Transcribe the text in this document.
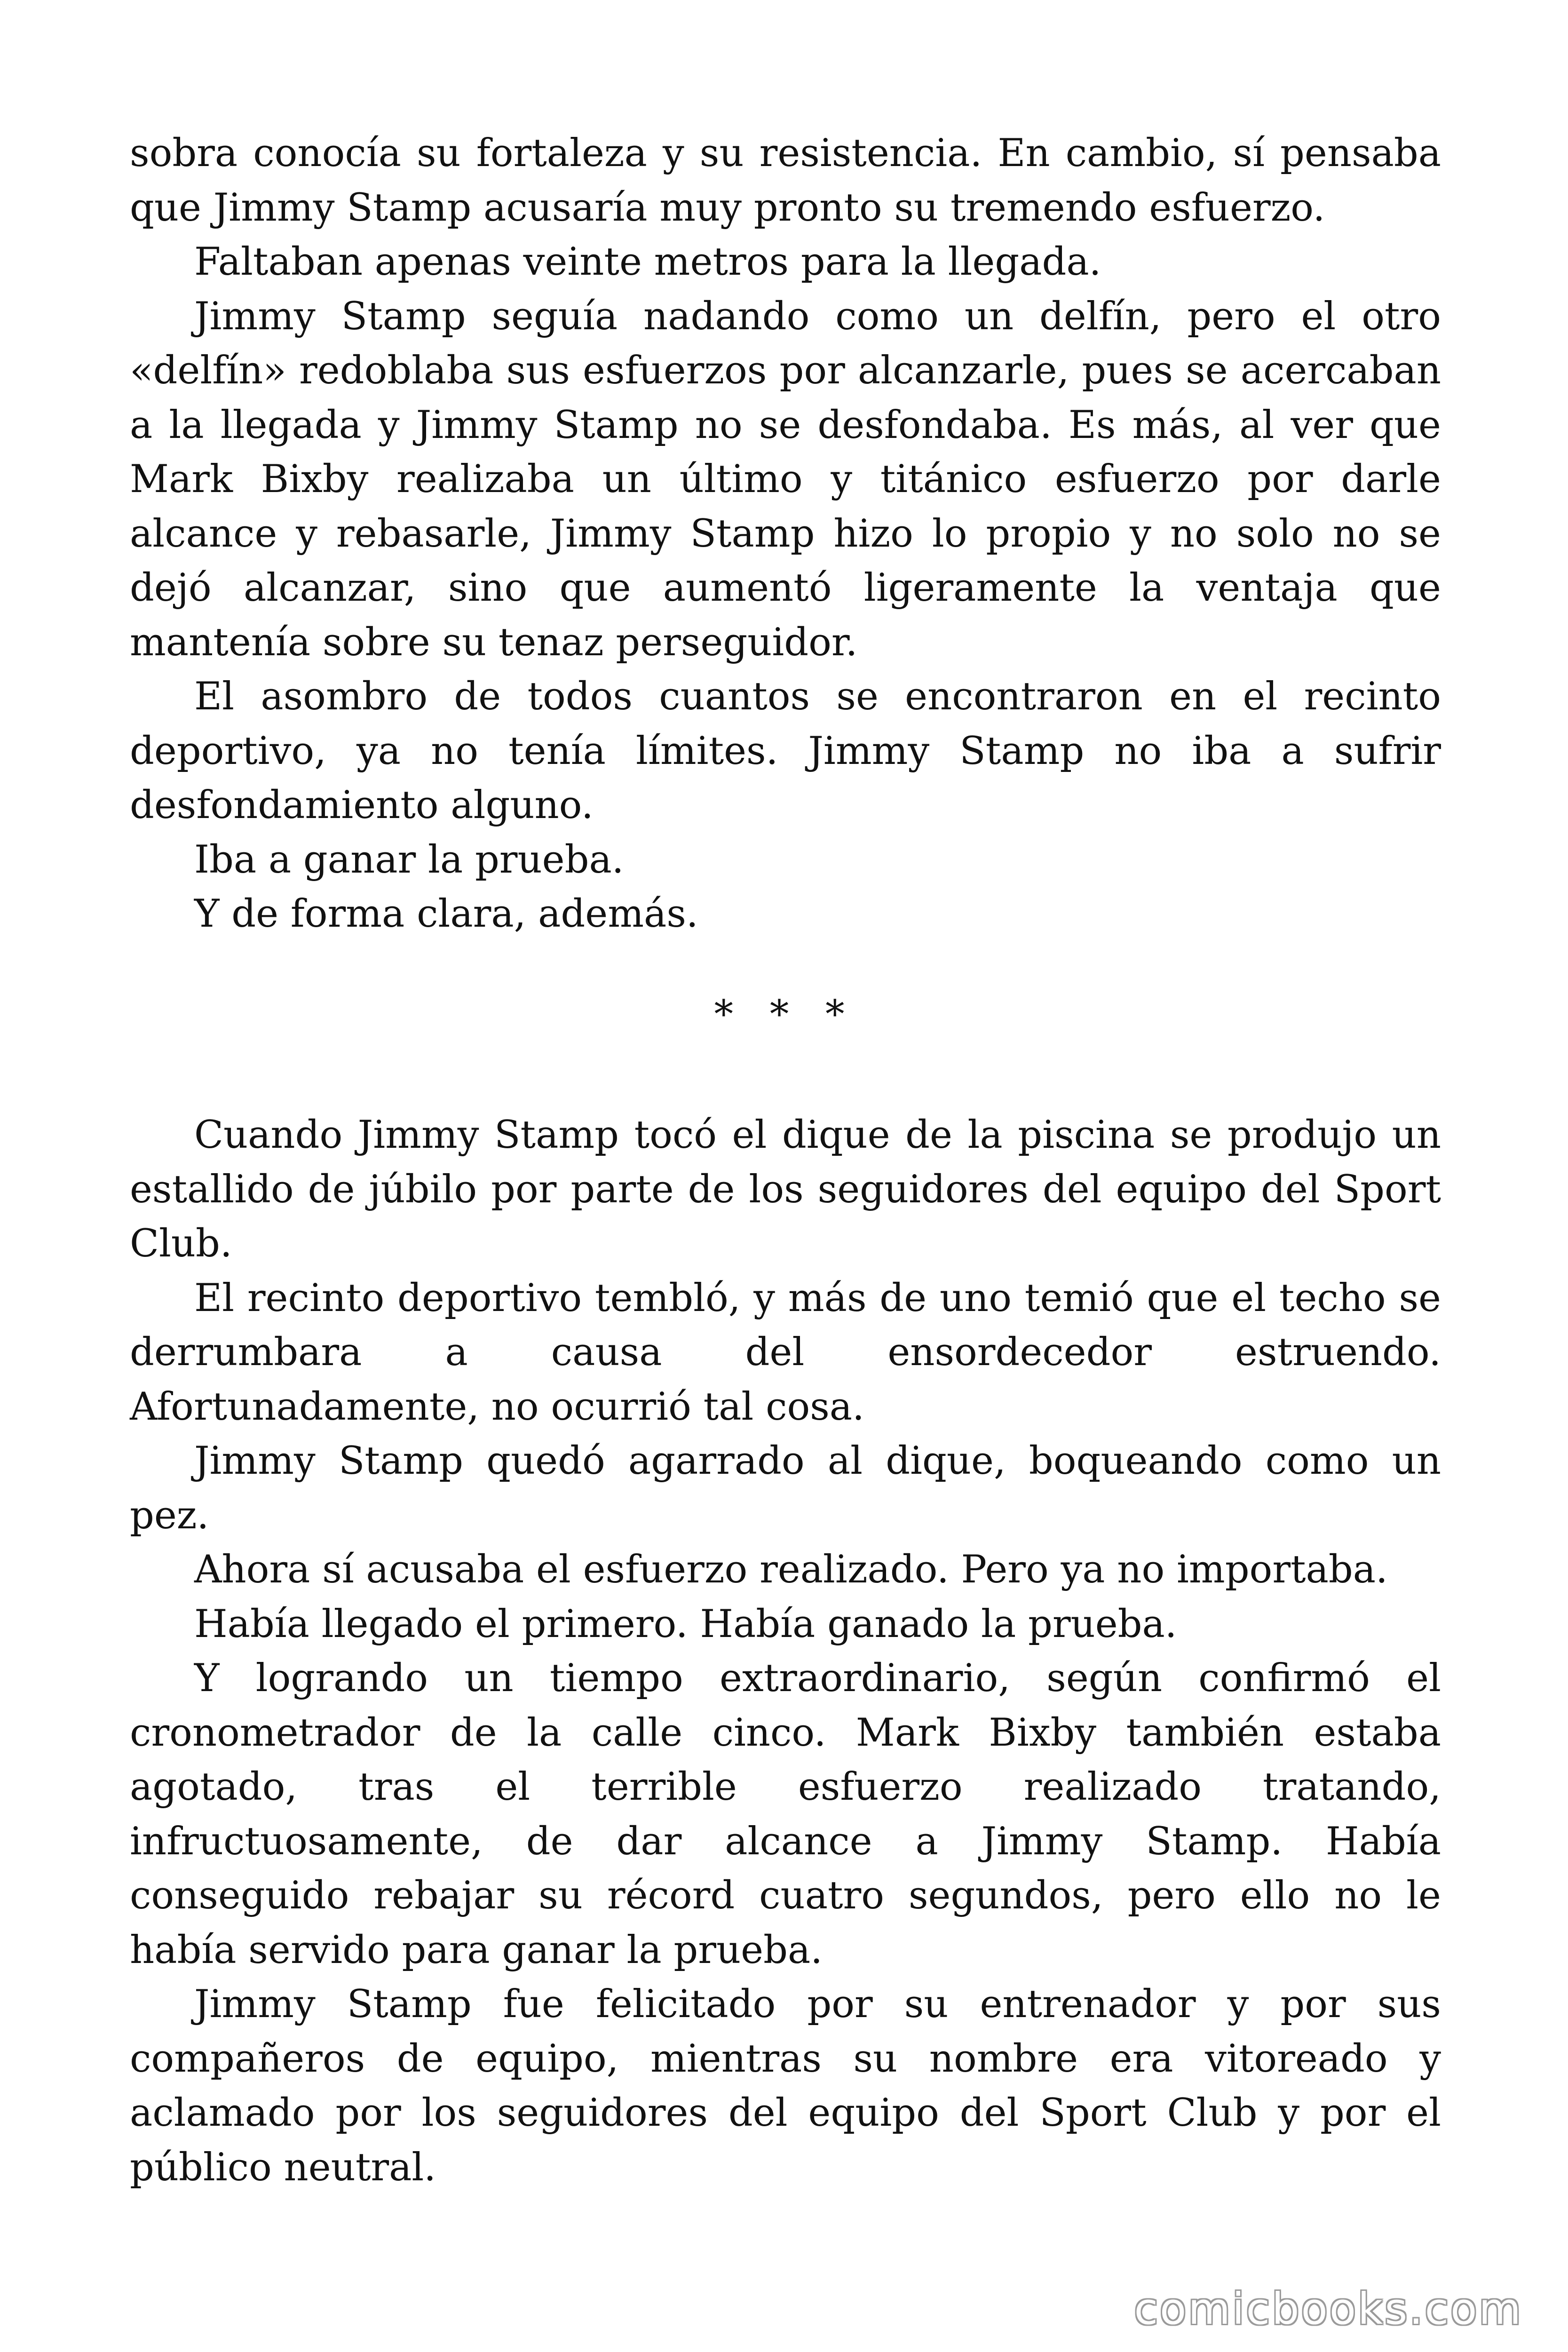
sobra conocía su fortaleza y su resistencia. En cambio, sí pensaba que Jimmy Stamp acusaría muy pronto su tremendo esfuerzo.

Faltaban apenas veinte metros para la llegada.

Jimmy Stamp seguía nadando como un delfín, pero el otro «delfín» redoblaba sus esfuerzos por alcanzarle, pues se acercaban a la llegada y Jimmy Stamp no se desfondaba. Es más, al ver que Mark Bixby realizaba un último y titánico esfuerzo por darle alcance y rebasarle, Jimmy Stamp hizo lo propio y no solo no se dejó alcanzar, sino que aumentó ligeramente la ventaja que mantenía sobre su tenaz perseguidor.

El asombro de todos cuantos se encontraron en el recinto deportivo, ya no tenía límites. Jimmy Stamp no iba a sufrir desfondamiento alguno.

Iba a ganar la prueba.

Y de forma clara, además.

* * *

Cuando Jimmy Stamp tocó el dique de la piscina se produjo un estallido de júbilo por parte de los seguidores del equipo del Sport Club.

El recinto deportivo tembló, y más de uno temió que el techo se derrumbara a causa del ensordecedor estruendo. Afortunadamente, no ocurrió tal cosa.

Jimmy Stamp quedó agarrado al dique, boqueando como un pez.

Ahora sí acusaba el esfuerzo realizado. Pero ya no importaba.

Había llegado el primero. Había ganado la prueba.

Y logrando un tiempo extraordinario, según confirmó el cronometrador de la calle cinco. Mark Bixby también estaba agotado, tras el terrible esfuerzo realizado tratando, infructuosamente, de dar alcance a Jimmy Stamp. Había conseguido rebajar su récord cuatro segundos, pero ello no le había servido para ganar la prueba.

Jimmy Stamp fue felicitado por su entrenador y por sus compañeros de equipo, mientras su nombre era vitoreado y aclamado por los seguidores del equipo del Sport Club y por el público neutral.

comicbooks.com
